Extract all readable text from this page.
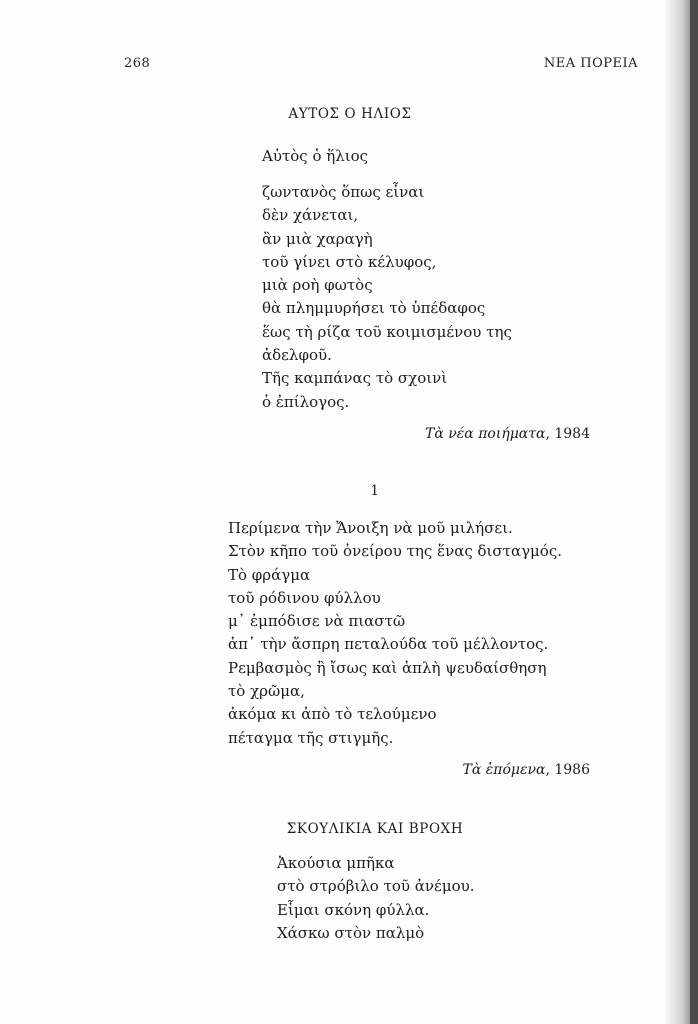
268	ΝΕΑ ΠΟΡΕΙΑ
ΑΥΤΟΣ Ο ΗΛΙΟΣ
Αὐτὸς ὁ ἥλιος
ζωντανὸς ὅπως εἶναι
δὲν χάνεται,
ἂν μιὰ χαραγὴ
τοῦ γίνει στὸ κέλυφος,
μιὰ ροὴ φωτὸς
θὰ πλημμυρήσει τὸ ὑπέδαφος
ἕως τὴ ρίζα τοῦ κοιμισμένου της
ἀδελφοῦ.
Τῆς καμπάνας τὸ σχοινὶ
ὁ ἐπίλογος.
Τὰ νέα ποιήματα, 1984
1
Περίμενα τὴν Ἄνοιξη νὰ μοῦ μιλήσει.
Στὸν κῆπο τοῦ ὀνείρου της ἕνας δισταγμός.
Τὸ φράγμα
τοῦ ρόδινου φύλλου
μ᾽ ἐμπόδισε νὰ πιαστῶ
ἀπ᾽ τὴν ἄσπρη πεταλούδα τοῦ μέλλοντος.
Ρεμβασμὸς ἢ ἴσως καὶ ἁπλὴ ψευδαίσθηση
τὸ χρῶμα,
ἀκόμα κι ἀπὸ τὸ τελούμενο
πέταγμα τῆς στιγμῆς.
Τὰ ἑπόμενα, 1986
ΣΚΟΥΛΙΚΙΑ ΚΑΙ ΒΡΟΧΗ
Ἀκούσια μπῆκα
στὸ στρόβιλο τοῦ ἀνέμου.
Εἶμαι σκόνη φύλλα.
Χάσκω στὸν παλμὸ
